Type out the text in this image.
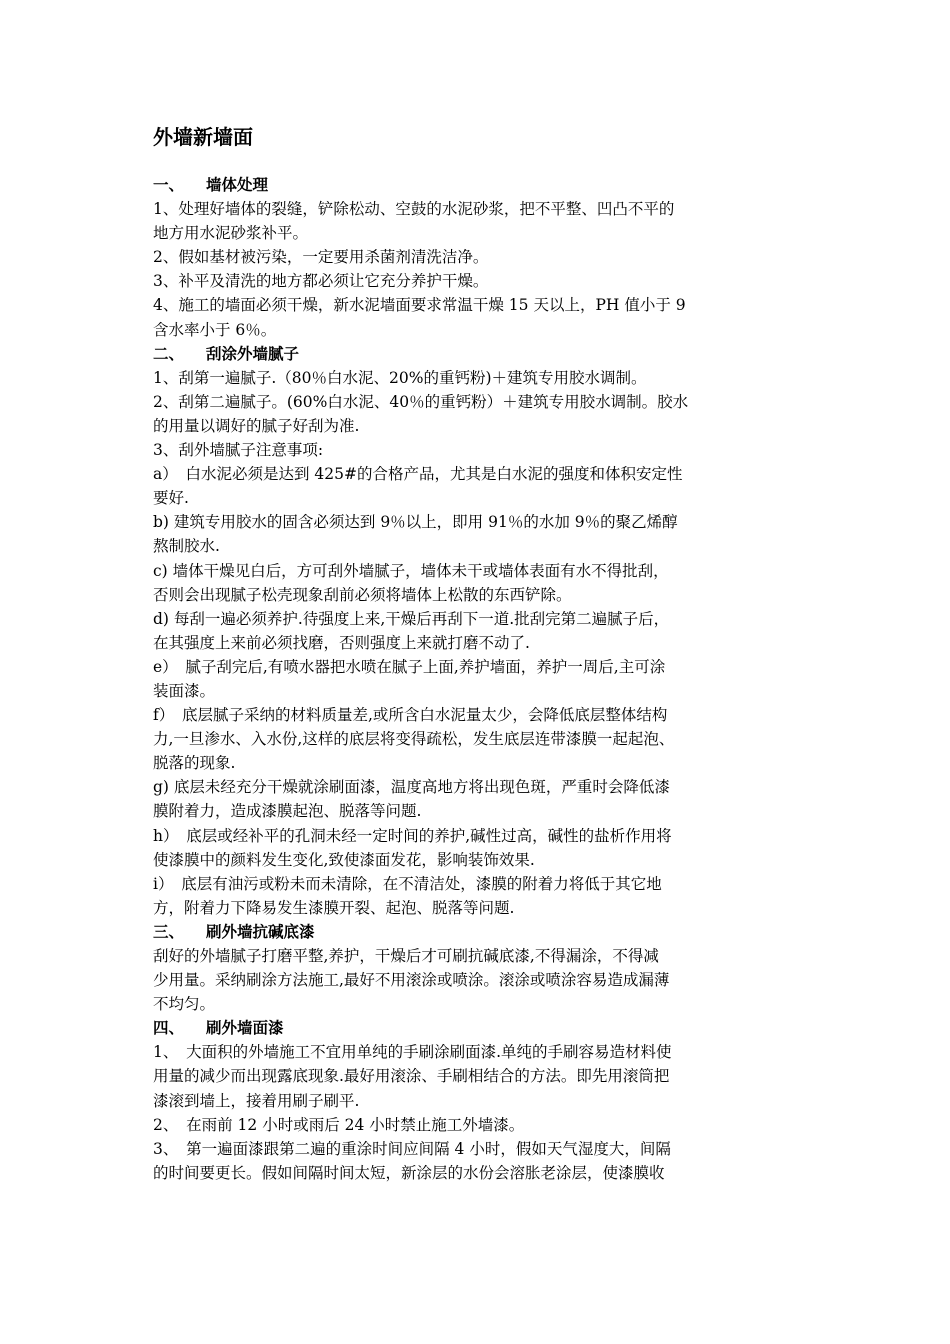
外墙新墙面

一、 墙体处理

1、处理好墙体的裂缝，铲除松动、空鼓的水泥砂浆，把不平整、凹凸不平的

地方用水泥砂浆补平。

2、假如基材被污染，一定要用杀菌剂清洗洁净。

3、补平及清洗的地方都必须让它充分养护干燥。

4、施工的墙面必须干燥，新水泥墙面要求常温干燥 15 天以上，PH 值小于 9

含水率小于 6％。

二、 刮涂外墙腻子

1、刮第一遍腻子.（80％白水泥、20%的重钙粉)＋建筑专用胶水调制。

2、刮第二遍腻子。(60%白水泥、40％的重钙粉）＋建筑专用胶水调制。胶水

的用量以调好的腻子好刮为准.

3、刮外墙腻子注意事项:

a）　白水泥必须是达到 425#的合格产品，尤其是白水泥的强度和体积安定性

要好.

b) 建筑专用胶水的固含必须达到 9％以上，即用 91％的水加 9％的聚乙烯醇

熬制胶水.

c) 墙体干燥见白后，方可刮外墙腻子，墙体未干或墙体表面有水不得批刮，

否则会出现腻子松壳现象刮前必须将墙体上松散的东西铲除。

d) 每刮一遍必须养护.待强度上来,干燥后再刮下一道.批刮完第二遍腻子后，

在其强度上来前必须找磨，否则强度上来就打磨不动了.

e）　腻子刮完后,有喷水器把水喷在腻子上面,养护墙面，养护一周后,主可涂

装面漆。

f）　底层腻子采纳的材料质量差,或所含白水泥量太少，会降低底层整体结构

力,一旦渗水、入水份,这样的底层将变得疏松，发生底层连带漆膜一起起泡、

脱落的现象.

g) 底层未经充分干燥就涂刷面漆，温度高地方将出现色斑，严重时会降低漆

膜附着力，造成漆膜起泡、脱落等问题.

h）　底层或经补平的孔洞未经一定时间的养护,碱性过高，碱性的盐析作用将

使漆膜中的颜料发生变化,致使漆面发花，影响装饰效果.

i）　底层有油污或粉未而未清除，在不清洁处，漆膜的附着力将低于其它地

方，附着力下降易发生漆膜开裂、起泡、脱落等问题.

三、 刷外墙抗碱底漆

刮好的外墙腻子打磨平整,养护，干燥后才可刷抗碱底漆,不得漏涂，不得减

少用量。采纳刷涂方法施工,最好不用滚涂或喷涂。滚涂或喷涂容易造成漏薄

不均匀。

四、 刷外墙面漆

1、　大面积的外墙施工不宜用单纯的手刷涂刷面漆.单纯的手刷容易造材料使

用量的减少而出现露底现象.最好用滚涂、手刷相结合的方法。即先用滚筒把

漆滚到墙上，接着用刷子刷平.

2、　在雨前 12 小时或雨后 24 小时禁止施工外墙漆。

3、　第一遍面漆跟第二遍的重涂时间应间隔 4 小时，假如天气湿度大，间隔

的时间要更长。假如间隔时间太短，新涂层的水份会溶胀老涂层，使漆膜收
